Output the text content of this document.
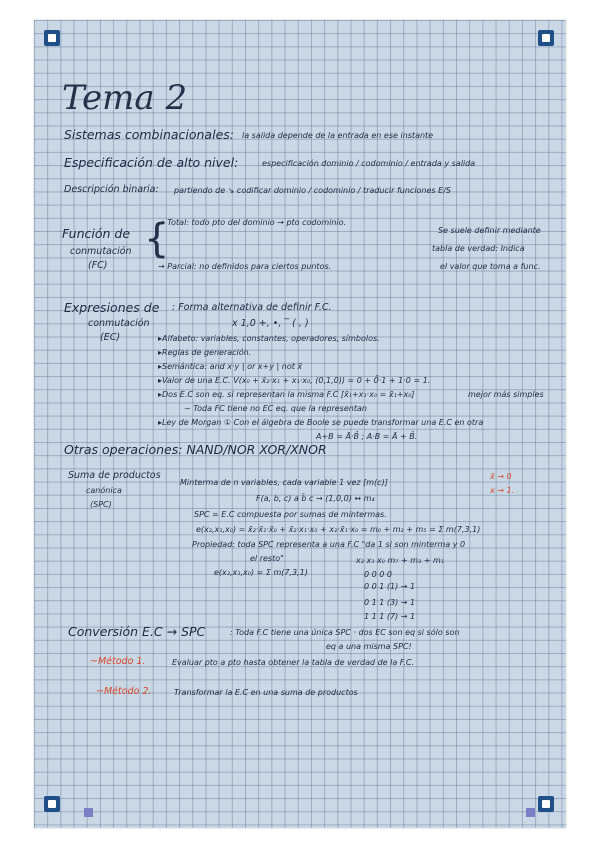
Tema 2
Sistemas combinacionales: la salida depende de la entrada en ese instante
Especificación de alto nivel:	especificación dominio / codominio / entrada y salida
Descripción binaria: partiendo de ↘ codificar dominio / codominio / traducir funciones E/S
Función de
conmutación
(FC)
{
→ Total: todo pto del dominio → pto codominio.
→ Parcial: no definidos para ciertos puntos.
Se suele definir mediante
tabla de verdad: Indica
el valor que toma a func.
Expresiones de
conmutación
(EC)
: Forma alternativa de definir F.C.
x 1,0 +, •, ‾ ( , )
▸Alfabeto: variables, constantes, operadores, símbolos.
▸Reglas de generación.
▸Semántica: and x·y | or x+y | not x̄
▸Valor de una E.C. V(x₀ + x̄₂·x₁ + x₁·x₀, (0,1,0)) = 0 + 0̄·1 + 1·0 = 1.
▸Dos E.C son eq. si representan la misma F.C [x̄₁+x₁·x₀ = x̄₁+x₀]	mejor más simples
~ Toda FC tiene no EC eq. que la representan
▸Ley de Morgan ① Con el álgebra de Boole se puede transformar una E.C en otra
A+B = Ā·B̄ ; A·B = Ā + B̄.
Otras operaciones: NAND/NOR XOR/XNOR
Suma de productos
canónica
(SPC)
x̄ → 0
x → 1.
Minterma de n variables, cada variable 1 vez [m(c)]
F(a, b, c) a b̄ c → (1,0,0) ↔ m₄
SPC = E.C compuesta por sumas de mintermas.
e(x₂,x₁,x₀) = x̄₂·x̄₁·x̄₀ + x̄₂·x₁·x₀ + x₂·x̄₁·x₀ = m₀ + m₃ + m₅ = Σ m(7,3,1)
Propiedad: toda SPC representa a una F.C "da 1 si son minterma y 0
el resto"
e(x₂,x₁,x₀) = Σ m(7,3,1)
x₂ x₁ x₀ m₇ + m₃ + m₁
0 0 0 0
0 0 1 (1) → 1
0 1 1 (3) → 1
1 1 1 (7) → 1
Conversión E.C → SPC	: Toda F.C tiene una única SPC · dos EC son eq si sólo son
eq a una misma SPC!
~Método 1.	Evaluar pto a pto hasta obtener la tabla de verdad de la F.C.
~Método 2.	Transformar la E.C en una suma de productos
